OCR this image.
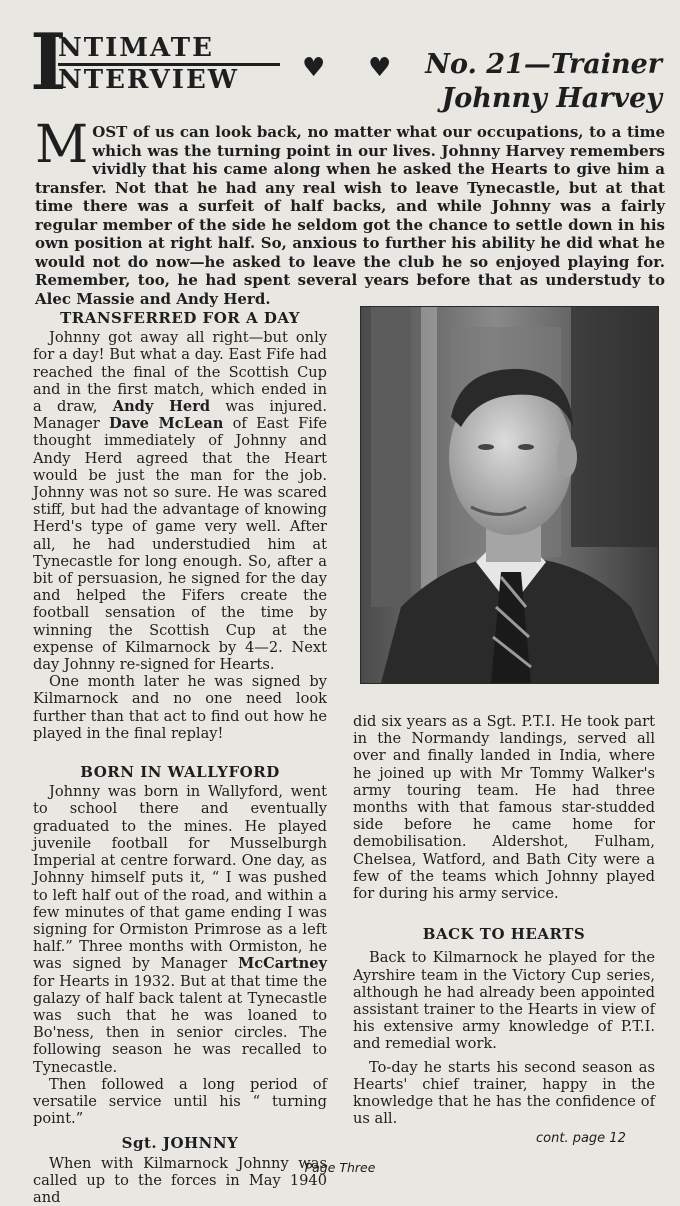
I
NTIMATE
NTERVIEW ♥ ♥ No. 21—Trainer
Johnny Harvey
MOST of us can look back, no matter what our occupations, to a time which was the turning point in our lives. Johnny Harvey remembers vividly that his came along when he asked the Hearts to give him a transfer. Not that he had any real wish to leave Tynecastle, but at that time there was a surfeit of half backs, and while Johnny was a fairly regular member of the side he seldom got the chance to settle down in his own position at right half. So, anxious to further his ability he did what he would not do now—he asked to leave the club he so enjoyed playing for. Remember, too, he had spent several years before that as understudy to Alec Massie and Andy Herd.
TRANSFERRED FOR A DAY

Johnny got away all right—but only for a day! But what a day. East Fife had reached the final of the Scottish Cup and in the first match, which ended in a draw, Andy Herd was injured. Manager Dave McLean of East Fife thought immediately of Johnny and Andy Herd agreed that the Heart would be just the man for the job. Johnny was not so sure. He was scared stiff, but had the advantage of knowing Herd's type of game very well. After all, he had understudied him at Tynecastle for long enough. So, after a bit of persuasion, he signed for the day and helped the Fifers create the football sensation of the time by winning the Scottish Cup at the expense of Kilmarnock by 4—2. Next day Johnny re-signed for Hearts.

One month later he was signed by Kilmarnock and no one need look further than that act to find out how he played in the final replay!

BORN IN WALLYFORD

Johnny was born in Wallyford, went to school there and eventually graduated to the mines. He played juvenile football for Musselburgh Imperial at centre forward. One day, as Johnny himself puts it, “ I was pushed to left half out of the road, and within a few minutes of that game ending I was signing for Ormiston Primrose as a left half.” Three months with Ormiston, he was signed by Manager McCartney for Hearts in 1932. But at that time the galazy of half back talent at Tynecastle was such that he was loaned to Bo'ness, then in senior circles. The following season he was recalled to Tynecastle.

Then followed a long period of versatile service until his “ turning point.”

Sgt. JOHNNY

When with Kilmarnock Johnny was called up to the forces in May 1940 and

did six years as a Sgt. P.T.I. He took part in the Normandy landings, served all over and finally landed in India, where he joined up with Mr Tommy Walker's army touring team. He had three months with that famous star-studded side before he came home for demobilisation. Aldershot, Fulham, Chelsea, Watford, and Bath City were a few of the teams which Johnny played for during his army service.

BACK TO HEARTS

Back to Kilmarnock he played for the Ayrshire team in the Victory Cup series, although he had already been appointed assistant trainer to the Hearts in view of his extensive army knowledge of P.T.I. and remedial work.

To-day he starts his second season as Hearts' chief trainer, happy in the knowledge that he has the confidence of us all.

cont. page 12
Page Three
